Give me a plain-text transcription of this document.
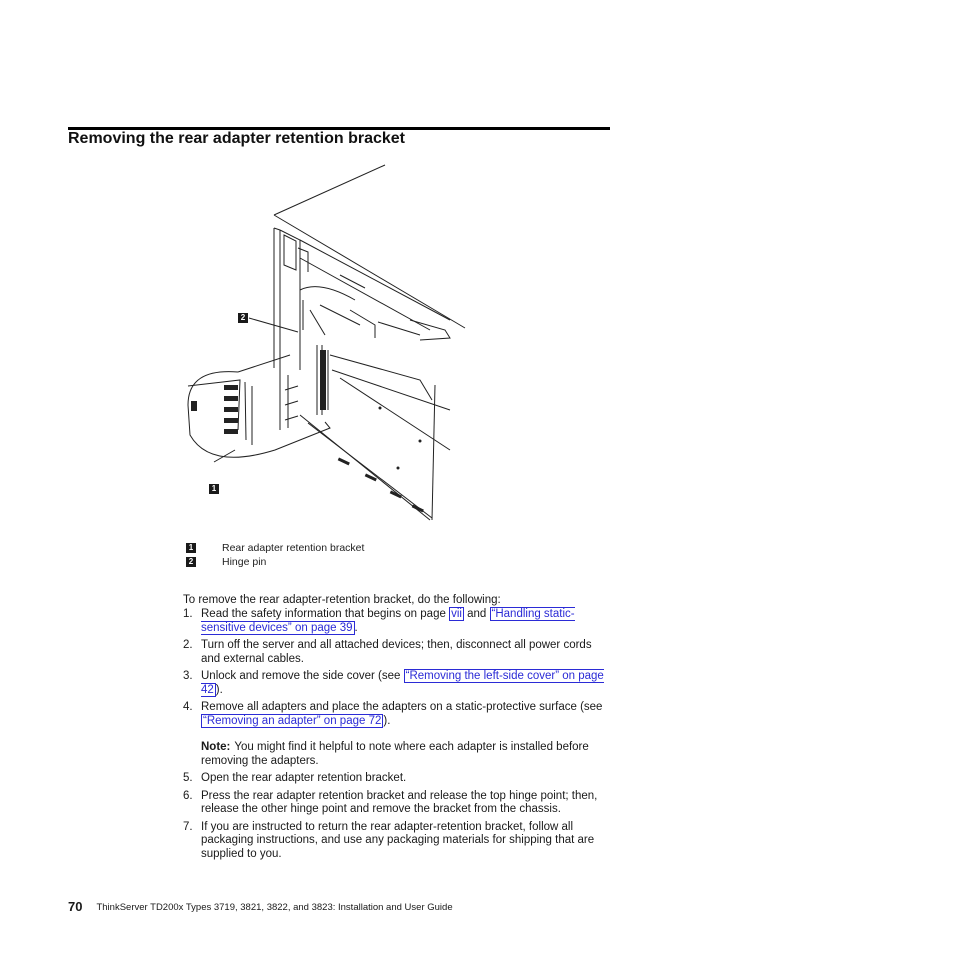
Removing the rear adapter retention bracket
2
1
1	Rear adapter retention bracket
2	Hinge pin
To remove the rear adapter-retention bracket, do the following:
1. Read the safety information that begins on page vii and “Handling static-sensitive devices” on page 39 .
2. Turn off the server and all attached devices; then, disconnect all power cords and external cables.
3. Unlock and remove the side cover (see “Removing the left-side cover” on page 42 ).
4. Remove all adapters and place the adapters on a static-protective surface (see “Removing an adapter” on page 72 ).
Note: You might find it helpful to note where each adapter is installed before removing the adapters.
5. Open the rear adapter retention bracket.
6. Press the rear adapter retention bracket and release the top hinge point; then, release the other hinge point and remove the bracket from the chassis.
7. If you are instructed to return the rear adapter-retention bracket, follow all packaging instructions, and use any packaging materials for shipping that are supplied to you.
70 ThinkServer TD200x Types 3719, 3821, 3822, and 3823: Installation and User Guide
